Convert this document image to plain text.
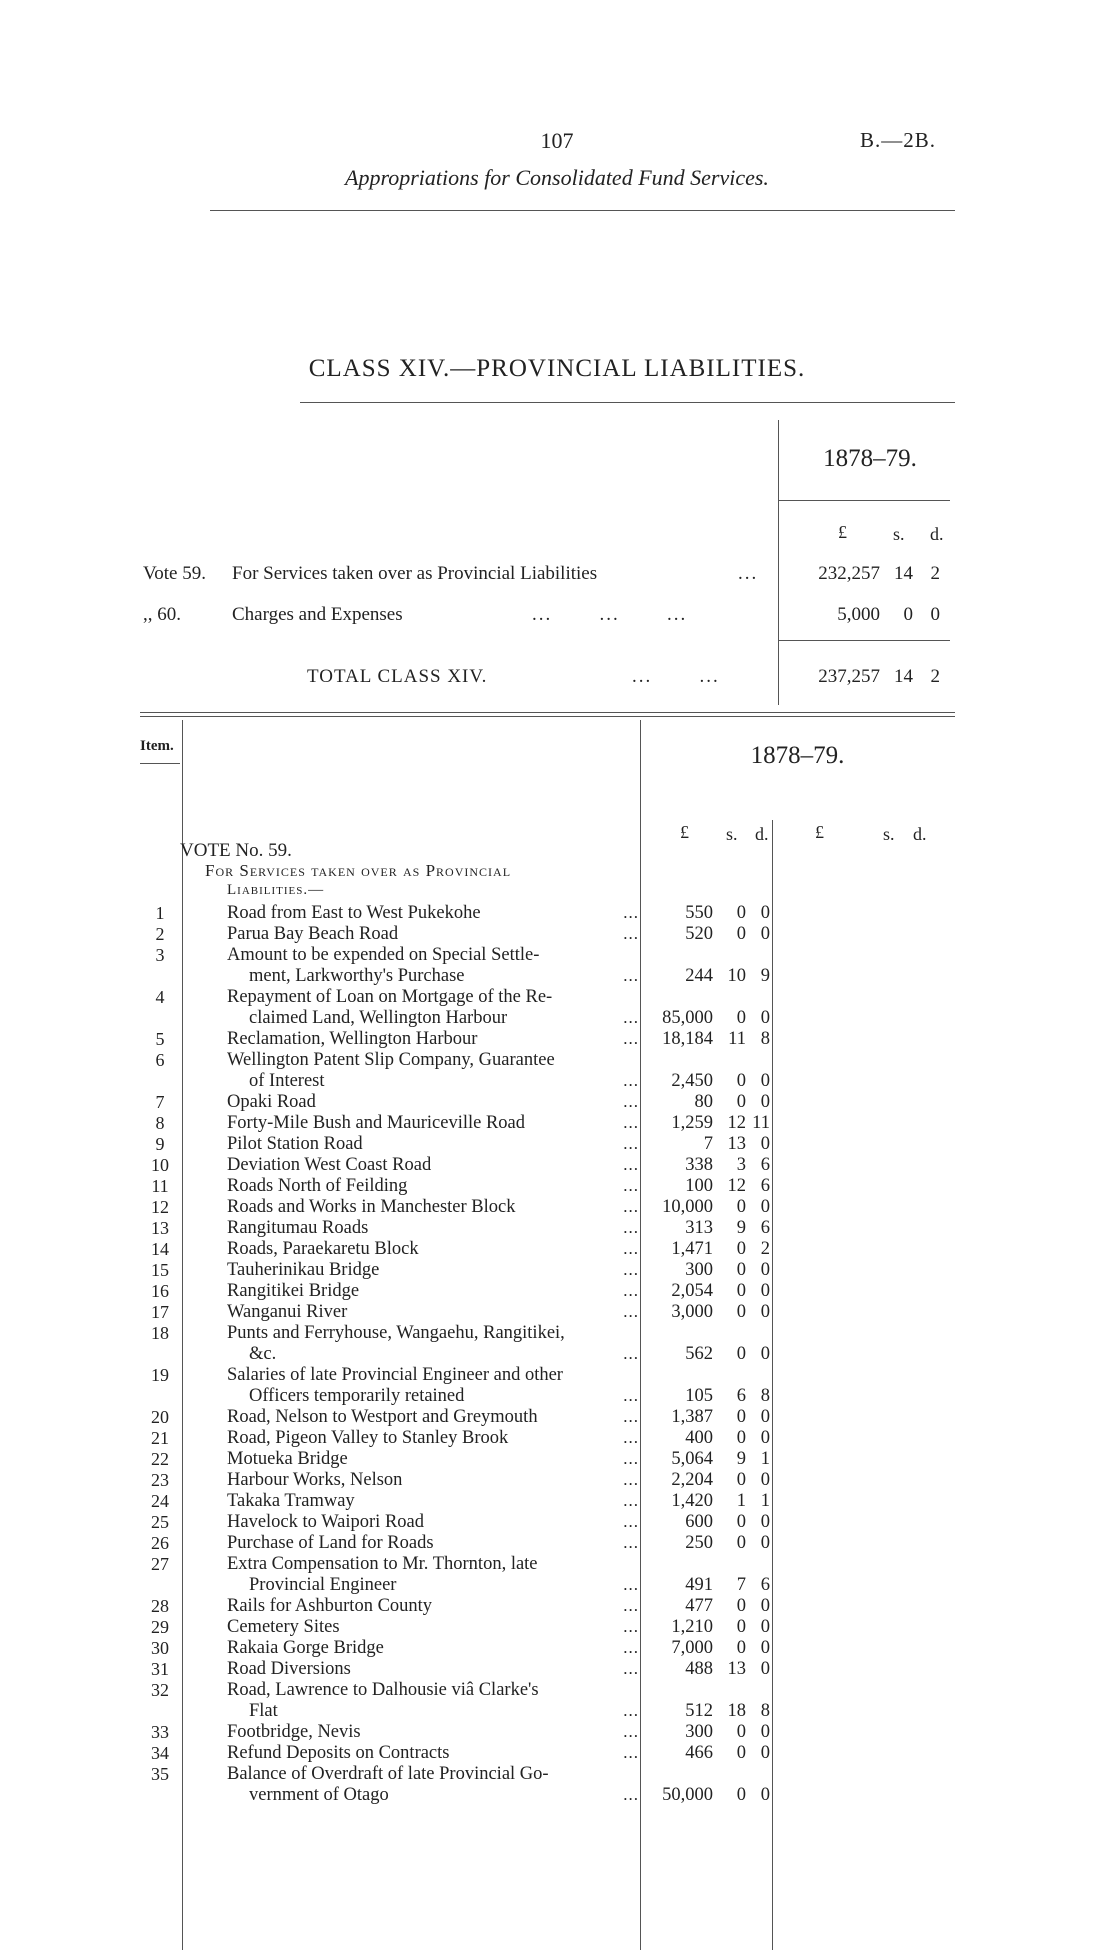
107	B.—2B.
Appropriations for Consolidated Fund Services.
CLASS XIV.—PROVINCIAL LIABILITIES.
1878–79.
£	s. d.
Vote 59. For Services taken over as Provincial Liabilities	...	232,257 14 2
,, 60.	Charges and Expenses	...       ...       ...	5,000	0 0
TOTAL CLASS XIV.	...       ...	237,257 14 2
Item.	1878–79.
£ s. d.	£	s. d.
VOTE No. 59.
For Services taken over as Provincial
Liabilities.—
1	Road from East to West Pukekohe	...	550	0 0
2	Parua Bay Beach Road	...	520	0 0
3	Amount to be expended on Special Settle-
ment, Larkworthy's Purchase	...	244 10 9
4	Repayment of Loan on Mortgage of the Re-
claimed Land, Wellington Harbour	...	85,000	0 0
5	Reclamation, Wellington Harbour	...	18,184 11 8
6	Wellington Patent Slip Company, Guarantee
of Interest	...	2,450	0 0
7	Opaki Road	...	80	0 0
8	Forty-Mile Bush and Mauriceville Road	...	1,259 12 11
9	Pilot Station Road	...	7 13 0
10	Deviation West Coast Road	...	338	3 6
11	Roads North of Feilding	...	100 12 6
12	Roads and Works in Manchester Block	...	10,000	0 0
13	Rangitumau Roads	...	313	9 6
14	Roads, Paraekaretu Block	...	1,471	0 2
15	Tauherinikau Bridge	...	300	0 0
16	Rangitikei Bridge	...	2,054	0 0
17	Wanganui River	...	3,000	0 0
18	Punts and Ferryhouse, Wangaehu, Rangitikei,
&c.	...	562	0 0
19	Salaries of late Provincial Engineer and other
Officers temporarily retained	...	105	6 8
20	Road, Nelson to Westport and Greymouth	...	1,387	0 0
21	Road, Pigeon Valley to Stanley Brook	...	400	0 0
22	Motueka Bridge	...	5,064	9 1
23	Harbour Works, Nelson	...	2,204	0 0
24	Takaka Tramway	...	1,420	1 1
25	Havelock to Waipori Road	...	600	0 0
26	Purchase of Land for Roads	...	250	0 0
27	Extra Compensation to Mr. Thornton, late
Provincial Engineer	...	491	7 6
28	Rails for Ashburton County	...	477	0 0
29	Cemetery Sites	...	1,210	0 0
30	Rakaia Gorge Bridge	...	7,000	0 0
31	Road Diversions	...	488 13 0
32	Road, Lawrence to Dalhousie viâ Clarke's
Flat	...	512 18 8
33	Footbridge, Nevis	...	300	0 0
34	Refund Deposits on Contracts	...	466	0 0
35	Balance of Overdraft of late Provincial Go-
vernment of Otago	...	50,000	0 0
